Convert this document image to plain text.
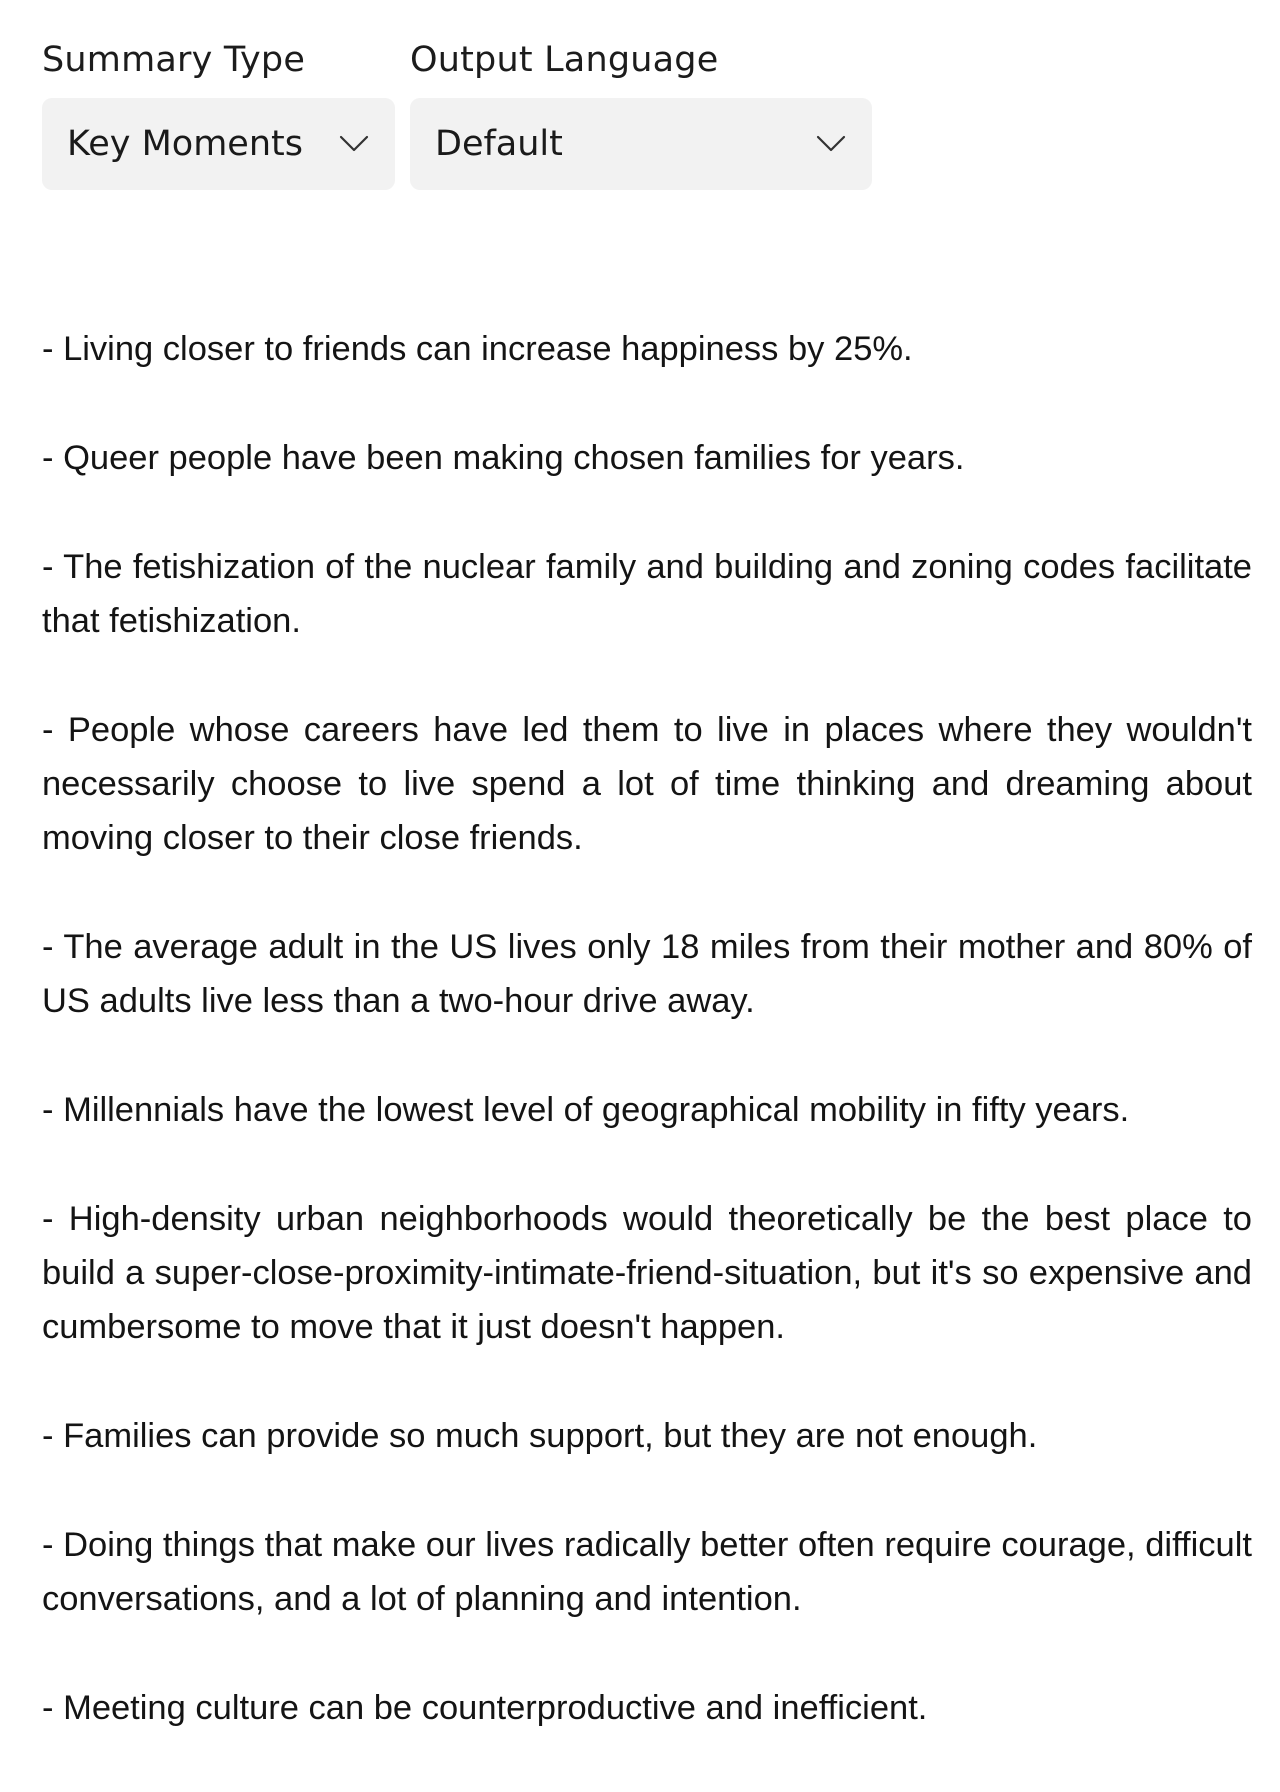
Summary Type
Key Moments
Output Language
Default
- Living closer to friends can increase happiness by 25%.
- Queer people have been making chosen families for years.
- The fetishization of the nuclear family and building and zoning codes facilitate that fetishization.
- People whose careers have led them to live in places where they wouldn't necessarily choose to live spend a lot of time thinking and dreaming about moving closer to their close friends.
- The average adult in the US lives only 18 miles from their mother and 80% of US adults live less than a two-hour drive away.
- Millennials have the lowest level of geographical mobility in fifty years.
- High-density urban neighborhoods would theoretically be the best place to build a super-close-proximity-intimate-friend-situation, but it's so expensive and cumbersome to move that it just doesn't happen.
- Families can provide so much support, but they are not enough.
- Doing things that make our lives radically better often require courage, difficult conversations, and a lot of planning and intention.
- Meeting culture can be counterproductive and inefficient.
